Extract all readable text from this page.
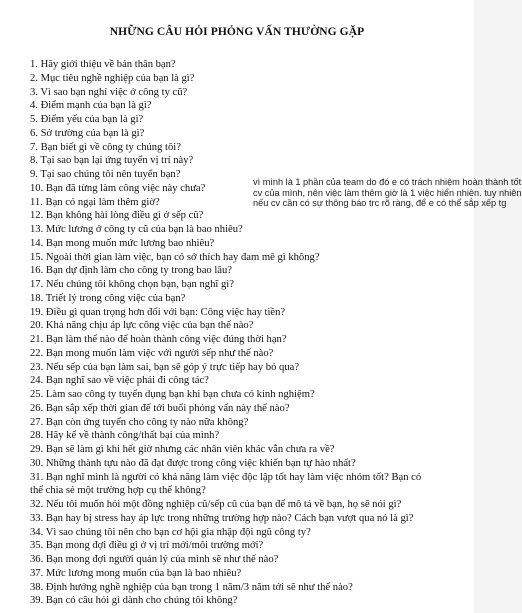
NHỮNG CÂU HỎI PHỎNG VẤN THƯỜNG GẶP
1. Hãy giới thiệu về bản thân bạn?
2. Mục tiêu nghề nghiệp của bạn là gì?
3. Vì sao bạn nghỉ việc ở công ty cũ?
4. Điểm mạnh của bạn là gì?
5. Điểm yếu của bạn là gì?
6. Sở trường của bạn là gì?
7. Bạn biết gì về công ty chúng tôi?
8. Tại sao bạn lại ứng tuyển vị trí này?
9. Tại sao chúng tôi nên tuyển bạn?
10. Bạn đã từng làm công việc này chưa?
11. Bạn có ngại làm thêm giờ?
12. Bạn không hài lòng điều gì ở sếp cũ?
13. Mức lương ở công ty cũ của bạn là bao nhiêu?
14. Bạn mong muốn mức lương bao nhiêu?
15. Ngoài thời gian làm việc, bạn có sở thích hay đam mê gì không?
16. Bạn dự định làm cho công ty trong bao lâu?
17. Nếu chúng tôi không chọn bạn, bạn nghĩ gì?
18. Triết lý trong công việc của bạn?
19. Điều gì quan trọng hơn đối với bạn: Công việc hay tiền?
20. Khả năng chịu áp lực công việc của bạn thế nào?
21. Bạn làm thế nào để hoàn thành công việc đúng thời hạn?
22. Bạn mong muốn làm việc với người sếp như thế nào?
23. Nếu sếp của bạn làm sai, bạn sẽ góp ý trực tiếp hay bỏ qua?
24. Bạn nghĩ sao về việc phải đi công tác?
25. Làm sao công ty tuyển dụng bạn khi bạn chưa có kinh nghiệm?
26. Bạn sắp xếp thời gian để tới buổi phỏng vấn này thế nào?
27. Bạn còn ứng tuyển cho công ty nào nữa không?
28. Hãy kể về thành công/thất bại của mình?
29. Bạn sẽ làm gì khi hết giờ nhưng các nhân viên khác vẫn chưa ra về?
30. Những thành tựu nào đã đạt được trong công việc khiến bạn tự hào nhất?
31. Bạn nghĩ mình là người có khả năng làm việc độc lập tốt hay làm việc nhóm tốt? Bạn có
thể chia sẻ một trường hợp cụ thể không?
32. Nếu tôi muốn hỏi một đồng nghiệp cũ/sếp cũ của bạn để mô tả về bạn, họ sẽ nói gì?
33. Bạn hay bị stress hay áp lực trong những trường hợp nào? Cách bạn vượt qua nó là gì?
34. Vì sao chúng tôi nên cho bạn cơ hội gia nhập đội ngũ công ty?
35. Bạn mong đợi điều gì ở vị trí mới/môi trường mới?
36. Bạn mong đợi người quản lý của mình sẽ như thế nào?
37. Mức lương mong muốn của bạn là bao nhiêu?
38. Định hướng nghề nghiệp của bạn trong 1 năm/3 năm tới sẽ như thế nào?
39. Bạn có câu hỏi gì dành cho chúng tôi không?
vì mình là 1 phần của team do đó e có trách nhiệm hoàn thành tốt
cv của mình, nên việc làm thêm giờ là 1 việc hiển nhiên. tuy nhiên
nếu cv cần có sự thông báo trc rõ ràng, để e có thể sắp xếp tg
